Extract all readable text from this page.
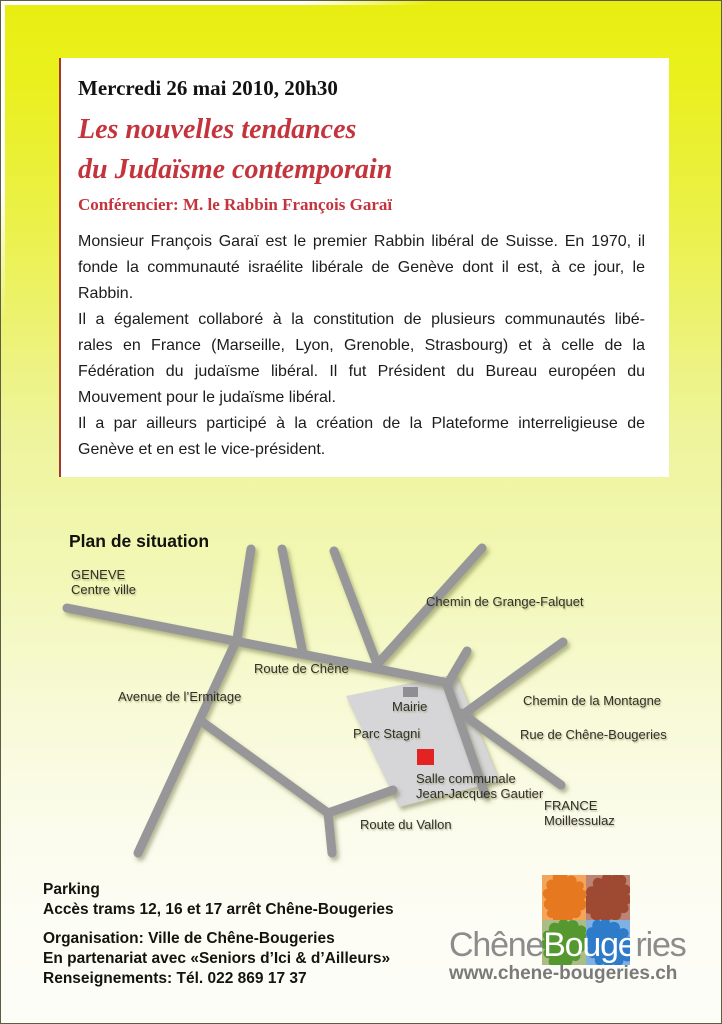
Mercredi 26 mai 2010, 20h30
Les nouvelles tendances
du Judaïsme contemporain
Conférencier: M. le Rabbin François Garaï
Monsieur François Garaï est le premier Rabbin libéral de Suisse. En 1970, il
fonde la communauté israélite libérale de Genève dont il est, à ce jour, le
Rabbin.
Il a également collaboré à la constitution de plusieurs communautés libé-
rales en France (Marseille, Lyon, Grenoble, Strasbourg) et à celle de la
Fédération du judaïsme libéral. Il fut Président du Bureau européen du
Mouvement pour le judaïsme libéral.
Il a par ailleurs participé à la création de la Plateforme interreligieuse de
Genève et en est le vice-président.
Plan de situation
GENEVE
Centre ville
Chemin de Grange-Falquet
Route de Chêne
Avenue de l’Ermitage
Mairie
Parc Stagni
Chemin de la Montagne
Rue de Chêne-Bougeries
Salle communale
Jean-Jacques Gautier
FRANCE
Moillessulaz
Route du Vallon
Parking
Accès trams 12, 16 et 17 arrêt Chêne-Bougeries
Organisation: Ville de Chêne-Bougeries
En partenariat avec «Seniors d’Ici & d’Ailleurs»
Renseignements: Tél. 022 869 17 37
ChêneBougeries
www.chene-bougeries.ch
